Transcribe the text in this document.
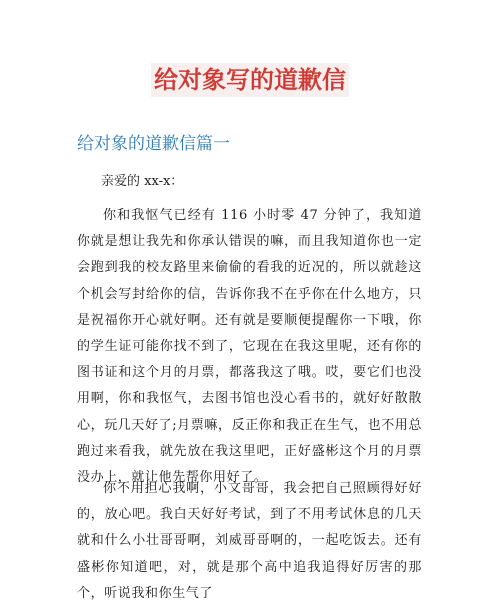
给对象写的道歉信
给对象的道歉信篇一
亲爱的 xx-x：

你和我怄气已经有 116 小时零 47 分钟了，我知道你就是想让我先和你承认错误的嘛，而且我知道你也一定会跑到我的校友路里来偷偷的看我的近况的，所以就趁这个机会写封给你的信，告诉你我不在乎你在什么地方，只是祝福你开心就好啊。还有就是要顺便提醒你一下哦，你的学生证可能你找不到了，它现在在我这里呢，还有你的图书证和这个月的月票，都落我这了哦。哎，要它们也没用啊，你和我怄气，去图书馆也没心看书的，就好好散散心，玩几天好了;月票嘛，反正你和我正在生气，也不用总跑过来看我，就先放在我这里吧，正好盛彬这个月的月票没办上，就让他先帮你用好了。

你不用担心我啊，小文哥哥，我会把自己照顾得好好的，放心吧。我白天好好考试，到了不用考试休息的几天就和什么小壮哥哥啊，刘威哥哥啊的，一起吃饭去。还有盛彬你知道吧，对，就是那个高中追我追得好厉害的那个，听说我和你生气了
